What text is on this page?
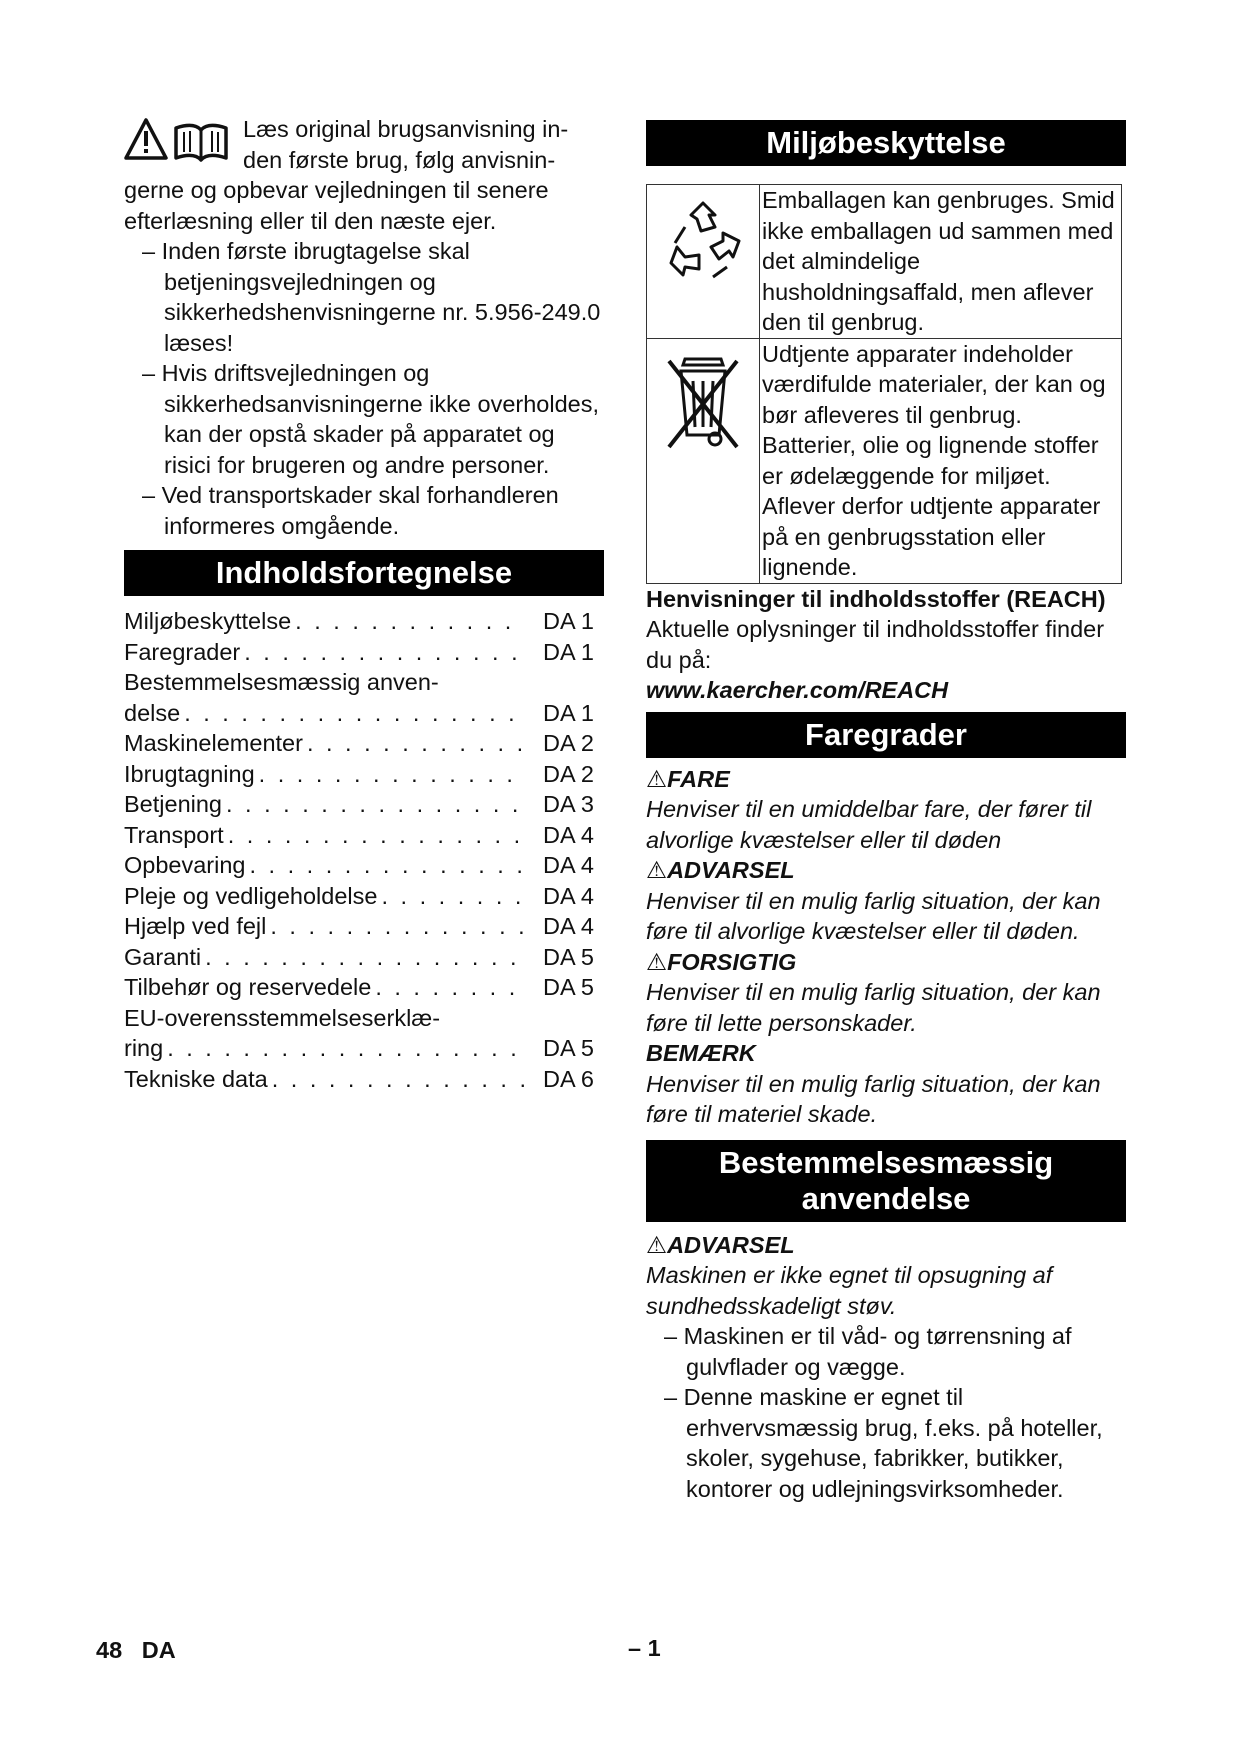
Læs original brugsanvisning in-

den første brug, følg anvisnin-

gerne og opbevar vejledningen til senere efterlæsning eller til den næste ejer.

– Inden første ibrugtagelse skal betjeningsvejledningen og sikkerhedshenvisningerne nr. 5.956-249.0 læses!

– Hvis driftsvejledningen og sikkerhedsanvisningerne ikke overholdes, kan der opstå skader på apparatet og risici for brugeren og andre personer.

– Ved transportskader skal forhandleren informeres omgående.

Indholdsfortegnelse
Miljøbeskyttelse . . .	DA 1
Faregrader . . .	DA 1
Bestemmelsesmæssig anven-
delse . . .	DA 1
Maskinelementer . . .	DA 2
Ibrugtagning . . .	DA 2
Betjening . . .	DA 3
Transport . . .	DA 4
Opbevaring . . .	DA 4
Pleje og vedligeholdelse . . .	DA 4
Hjælp ved fejl . . .	DA 4
Garanti . . .	DA 5
Tilbehør og reservedele . . .	DA 5
EU-overensstemmelseserklæ-
ring . . .	DA 5
Tekniske data . . .	DA 6
Miljøbeskyttelse
	Emballagen kan genbruges. Smid ikke emballagen ud sammen med det almindelige husholdningsaffald, men aflever den til genbrug.
	Udtjente apparater indeholder værdifulde materialer, der kan og bør afleveres til genbrug. Batterier, olie og lignende stoffer er ødelæggende for miljøet. Aflever derfor udtjente apparater på en genbrugsstation eller lignende.

Henvisninger til indholdsstoffer (REACH)

Aktuelle oplysninger til indholdsstoffer finder du på:

www.kaercher.com/REACH

Faregrader

⚠FARE

Henviser til en umiddelbar fare, der fører til alvorlige kvæstelser eller til døden

⚠ADVARSEL

Henviser til en mulig farlig situation, der kan føre til alvorlige kvæstelser eller til døden.

⚠FORSIGTIG

Henviser til en mulig farlig situation, der kan føre til lette personskader.

BEMÆRK

Henviser til en mulig farlig situation, der kan føre til materiel skade.

Bestemmelsesmæssig
anvendelse

⚠ADVARSEL

Maskinen er ikke egnet til opsugning af sundhedsskadeligt støv.

– Maskinen er til våd- og tørrensning af gulvflader og vægge.

– Denne maskine er egnet til erhvervsmæssig brug, f.eks. på hoteller, skoler, sygehuse, fabrikker, butikker, kontorer og udlejningsvirksomheder.

48 DA	– 1
